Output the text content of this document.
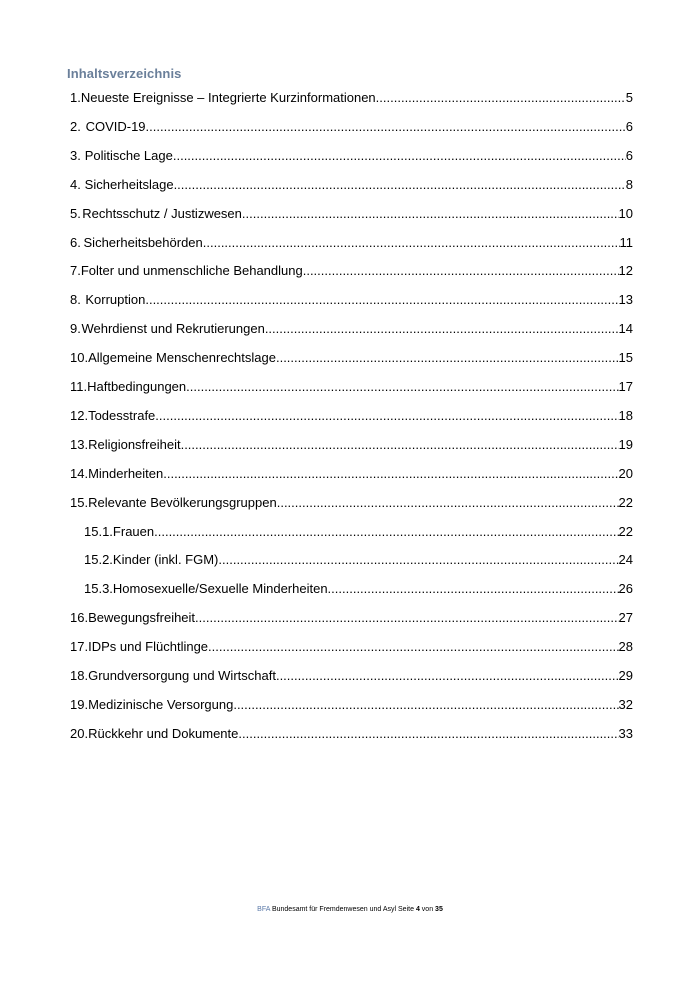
Inhaltsverzeichnis
1. Neueste Ereignisse – Integrierte Kurzinformationen .....	5
2. COVID-19 .....	6
3. Politische Lage .....	6
4. Sicherheitslage .....	8
5. Rechtsschutz / Justizwesen .....	10
6. Sicherheitsbehörden .....	11
7. Folter und unmenschliche Behandlung .....	12
8. Korruption .....	13
9. Wehrdienst und Rekrutierungen .....	14
10. Allgemeine Menschenrechtslage .....	15
11. Haftbedingungen .....	17
12. Todesstrafe .....	18
13. Religionsfreiheit .....	19
14. Minderheiten .....	20
15. Relevante Bevölkerungsgruppen .....	22
15.1. Frauen .....	22
15.2. Kinder (inkl. FGM) .....	24
15.3. Homosexuelle/Sexuelle Minderheiten .....	26
16. Bewegungsfreiheit .....	27
17. IDPs und Flüchtlinge .....	28
18. Grundversorgung und Wirtschaft .....	29
19. Medizinische Versorgung .....	32
20. Rückkehr und Dokumente .....	33
BFA Bundesamt für Fremdenwesen und Asyl Seite 4 von 35
